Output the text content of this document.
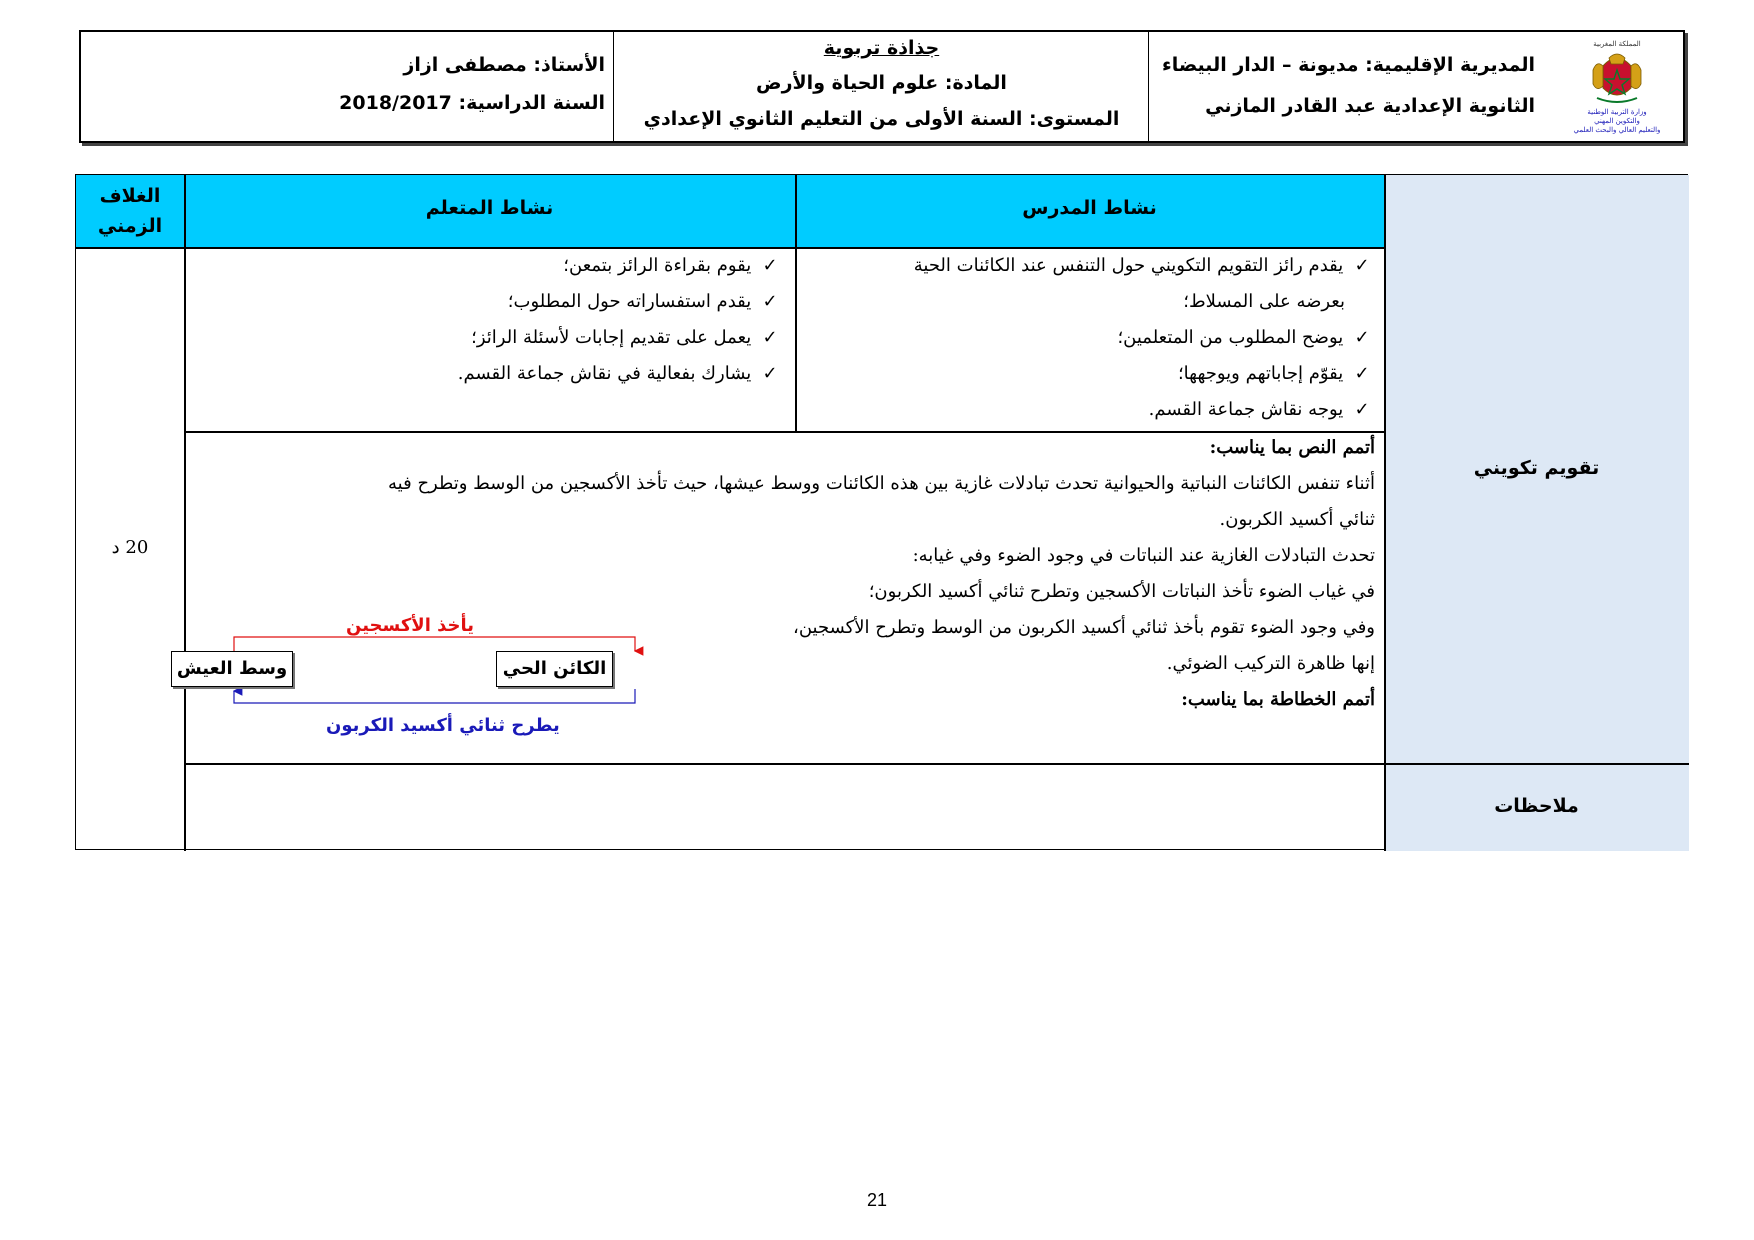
المملكة المغربية
وزارة التربية الوطنية
والتكوين المهني
والتعليم العالي والبحث العلمي
المديرية الإقليمية: مديونة – الدار البيضاء
الثانوية الإعدادية عبد القادر المازني
جذاذة تربوية
المادة: علوم الحياة والأرض
المستوى: السنة الأولى من التعليم الثانوي الإعدادي
الأستاذ: مصطفى ازاز
السنة الدراسية: 2018/2017
الغلاف
الزمني
نشاط المتعلم	نشاط المدرس
تقويم تكويني
ملاحظات
20 د
✓ يقدم رائز التقويم التكويني حول التنفس عند الكائنات الحية
بعرضه على المسلاط؛
✓ يوضح المطلوب من المتعلمين؛
✓ يقوّم إجاباتهم ويوجهها؛
✓ يوجه نقاش جماعة القسم.
✓ يقوم بقراءة الرائز بتمعن؛
✓ يقدم استفساراته حول المطلوب؛
✓ يعمل على تقديم إجابات لأسئلة الرائز؛
✓ يشارك بفعالية في نقاش جماعة القسم.
أتمم النص بما يناسب:
أثناء تنفس الكائنات النباتية والحيوانية تحدث تبادلات غازية بين هذه الكائنات ووسط عيشها، حيث تأخذ الأكسجين من الوسط وتطرح فيه
ثنائي أكسيد الكربون.
تحدث التبادلات الغازية عند النباتات في وجود الضوء وفي غيابه:
في غياب الضوء تأخذ النباتات الأكسجين وتطرح ثنائي أكسيد الكربون؛
وفي وجود الضوء تقوم بأخذ ثنائي أكسيد الكربون من الوسط وتطرح الأكسجين،
إنها ظاهرة التركيب الضوئي.
أتمم الخطاطة بما يناسب:
يأخذ الأكسجين
يطرح ثنائي أكسيد الكربون
وسط العيش	الكائن الحي
21
